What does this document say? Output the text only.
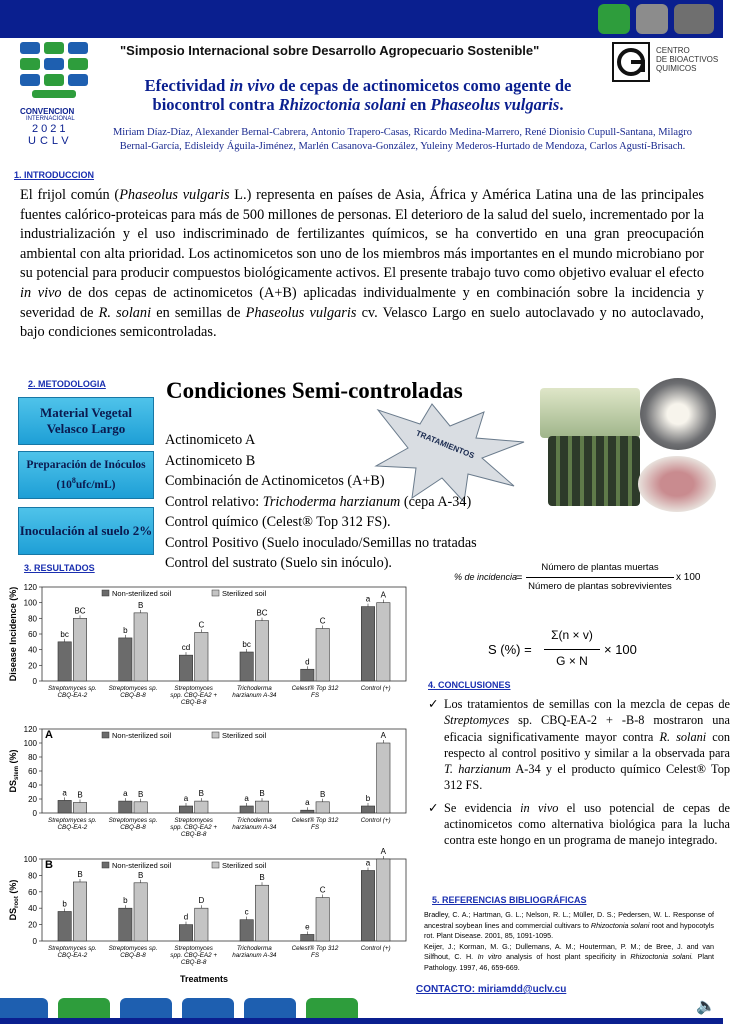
CONVENCION
INTERNACIONAL
2021
UCLV
"Simposio Internacional sobre Desarrollo Agropecuario Sostenible"	CENTRO
DE BIOACTIVOS
QUIMICOS
Efectividad in vivo de cepas de actinomicetos como agente de biocontrol contra Rhizoctonia solani en Phaseolus vulgaris.
Miriam Díaz-Díaz, Alexander Bernal-Cabrera, Antonio Trapero-Casas, Ricardo Medina-Marrero, René Dionisio Cupull-Santana, Milagro Bernal-García, Edisleidy Águila-Jiménez, Marlén Casanova-González, Yuleiny Mederos-Hurtado de Mendoza, Carlos Agustí-Brisach.
1. INTRODUCCION
El frijol común (Phaseolus vulgaris L.) representa en países de Asia, África y América Latina una de las principales fuentes calórico-proteicas para más de 500 millones de personas. El deterioro de la salud del suelo, incrementado por la industrialización y el uso indiscriminado de fertilizantes químicos, se ha convertido en una gran preocupación ambiental con alta prioridad. Los actinomicetos son uno de los miembros más importantes en el mundo microbiano por su potencial para producir compuestos biológicamente activos. El presente trabajo tuvo como objetivo evaluar el efecto in vivo de dos cepas de actinomicetos (A+B) aplicadas individualmente y en combinación sobre la incidencia y severidad de R. solani en semillas de Phaseolus vulgaris cv. Velasco Largo en suelo autoclavado y no autoclavado, bajo condiciones semicontroladas.
2. METODOLOGIA
Material Vegetal Velasco Largo
Preparación de Inóculos $(10^8ufc/mL)$
Inoculación al suelo 2%
Condiciones Semi-controladas
TRATAMIENTOS
Actinomiceto A
Actinomiceto B
Combinación de Actinomicetos (A+B)
Control relativo: Trichoderma harzianum (cepa A-34)
Control químico (Celest® Top 312 FS).
Control Positivo (Suelo inoculado/Semillas no tratadas
Control del sustrato (Suelo sin inóculo).
% de incidencia
=
Número de plantas muertas
Número de plantas sobrevivientes
x 100
S (%) =
Σ(n × v)
G × N
× 100
3. RESULTADOS
0
20
40
60
80
100
120
Disease Incidence (%)	Non-sterilized soil	Sterilized soil
bc
BC
Streptomyces sp.
CBQ-EA-2
b
B
Streptomyces sp.
CBQ-B-8
cd
C
Streptomyces
spp. CBQ-EA2 +
CBQ-B-8
bc
BC
Trichoderma
harzianum A-34
d
C
Celest® Top 312
FS
a A
Control (+)
0
20
40
60
80
100
120
$DS_{stem}$ (%)
A	Non-sterilized soil	Sterilized soil
a B
Streptomyces sp.
CBQ-EA-2
a B
Streptomyces sp.
CBQ-B-8
a
B
Streptomyces
spp. CBQ-EA2 +
CBQ-B-8
a
B
Trichoderma
harzianum A-34
a
B
Celest® Top 312
FS
b
A
Control (+)
0
20
40
60
80
100
$DS_{root}$ (%)
B	Non-sterilized soil	Sterilized soil
b
B
Streptomyces sp.
CBQ-EA-2
b
B
Streptomyces sp.
CBQ-B-8
d
D
Streptomyces
spp. CBQ-EA2 +
CBQ-B-8
c
B
Trichoderma
harzianum A-34
e
C
Celest® Top 312
FS
a
A
Control (+)
Treatments
4. CONCLUSIONES
✓ Los tratamientos de semillas con la mezcla de cepas de Streptomyces sp. CBQ-EA-2 + -B-8 mostraron una eficacia significativamente mayor contra R. solani con respecto al control positivo y similar a la observada para T. harzianum A-34 y el producto químico Celest® Top 312 FS.
✓ Se evidencia in vivo el uso potencial de cepas de actinomicetos como alternativa biológica para la lucha contra este hongo en un programa de manejo integrado.
5. REFERENCIAS BIBLIOGRÁFICAS
Bradley, C. A.; Hartman, G. L.; Nelson, R. L.; Müller, D. S.; Pedersen, W. L. Response of ancestral soybean lines and commercial cultivars to Rhizoctonia solani root and hypocotyls rot. Plant Disease. 2001, 85, 1091-1095.
Keijer, J.; Korman, M. G.; Dullemans, A. M.; Houterman, P. M.; de Bree, J. and van Silfhout, C. H. In vitro analysis of host plant specificity in Rhizoctonia solani. Plant Pathology. 1997, 46, 659-669.
CONTACTO: miriamdd@uclv.cu
🔈
